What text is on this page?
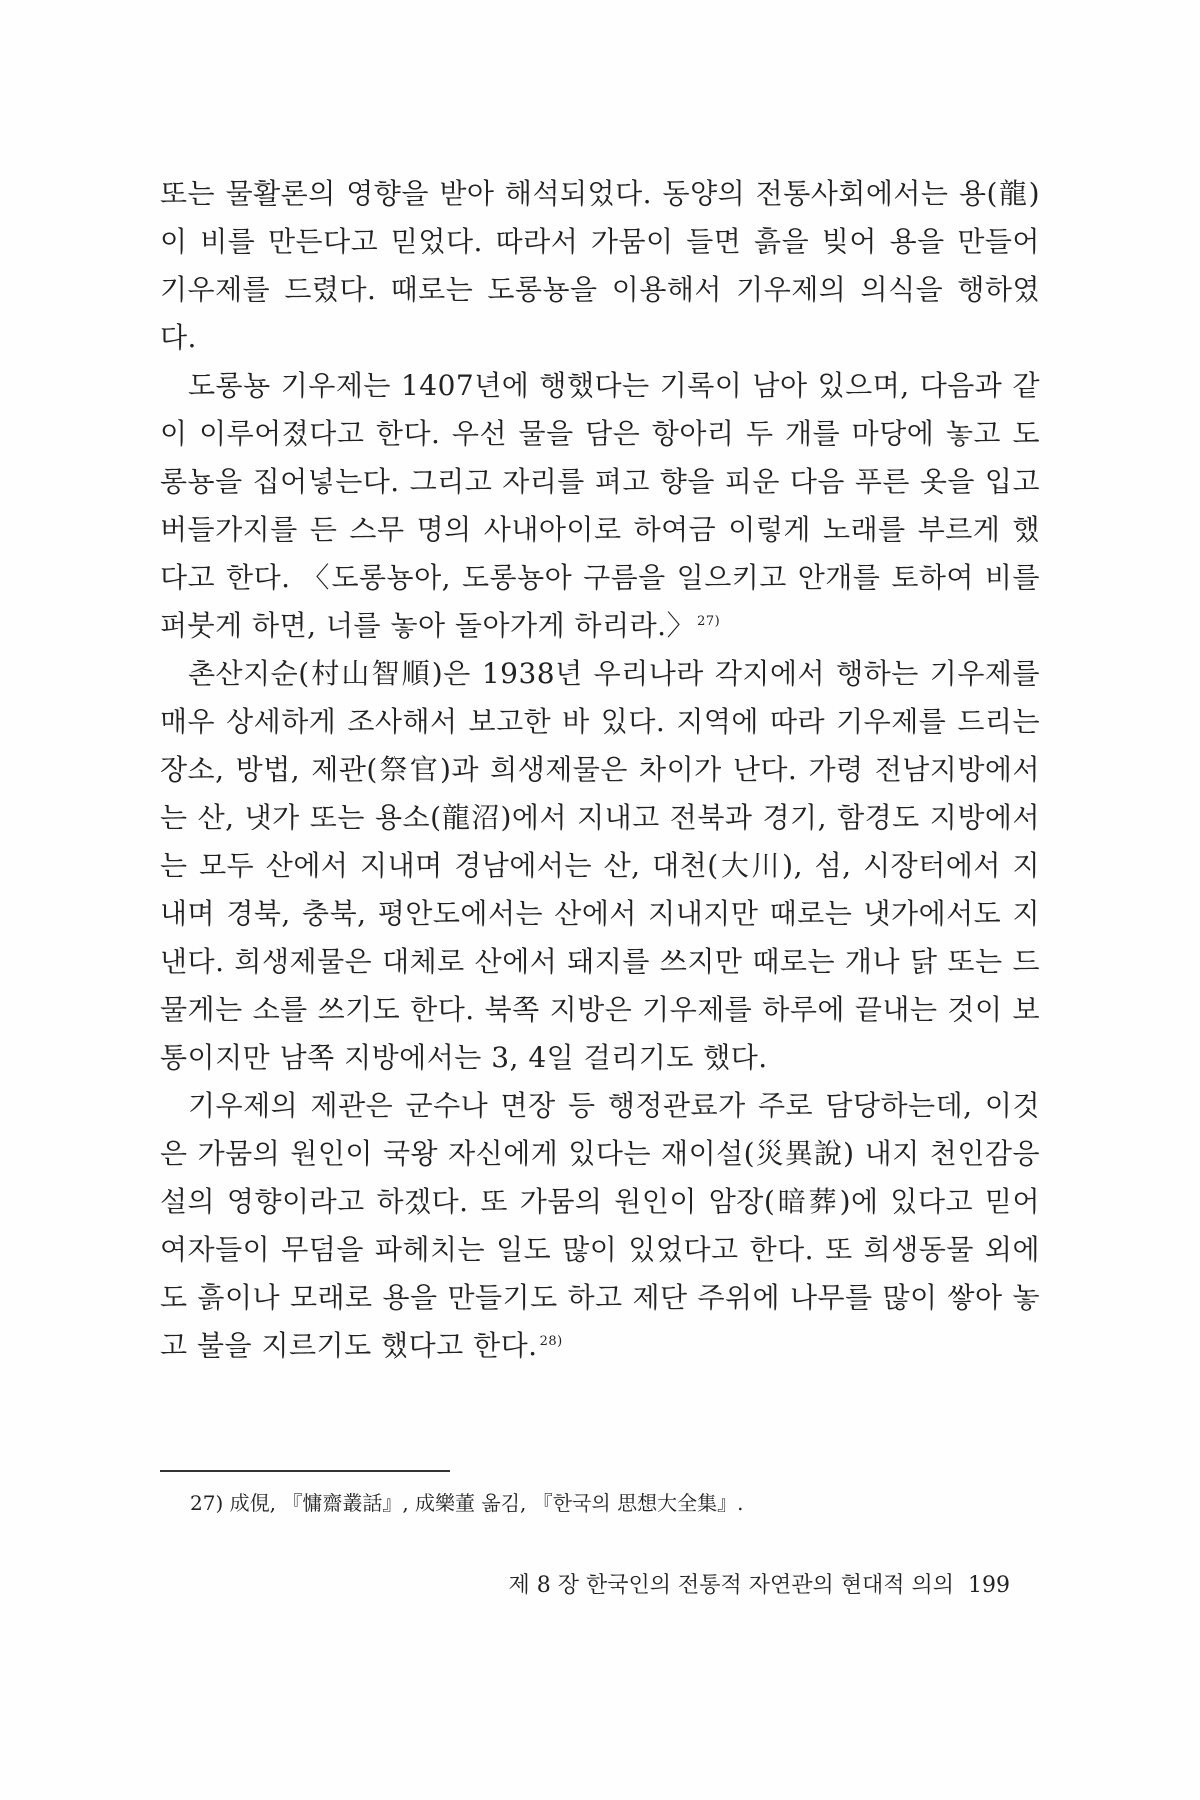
또는 물활론의 영향을 받아 해석되었다. 동양의 전통사회에서는 용(龍)이 비를 만든다고 믿었다. 따라서 가뭄이 들면 흙을 빚어 용을 만들어 기우제를 드렸다. 때로는 도롱뇽을 이용해서 기우제의 의식을 행하였다.

도롱뇽 기우제는 1407년에 행했다는 기록이 남아 있으며, 다음과 같이 이루어졌다고 한다. 우선 물을 담은 항아리 두 개를 마당에 놓고 도롱뇽을 집어넣는다. 그리고 자리를 펴고 향을 피운 다음 푸른 옷을 입고 버들가지를 든 스무 명의 사내아이로 하여금 이렇게 노래를 부르게 했다고 한다. 〈도롱뇽아, 도롱뇽아 구름을 일으키고 안개를 토하여 비를 퍼붓게 하면, 너를 놓아 돌아가게 하리라.〉 $^{27)}$

촌산지순(村山智順)은 1938년 우리나라 각지에서 행하는 기우제를 매우 상세하게 조사해서 보고한 바 있다. 지역에 따라 기우제를 드리는 장소, 방법, 제관(祭官)과 희생제물은 차이가 난다. 가령 전남지방에서는 산, 냇가 또는 용소(龍沼)에서 지내고 전북과 경기, 함경도 지방에서는 모두 산에서 지내며 경남에서는 산, 대천(大川), 섬, 시장터에서 지내며 경북, 충북, 평안도에서는 산에서 지내지만 때로는 냇가에서도 지낸다. 희생제물은 대체로 산에서 돼지를 쓰지만 때로는 개나 닭 또는 드물게는 소를 쓰기도 한다. 북쪽 지방은 기우제를 하루에 끝내는 것이 보통이지만 남쪽 지방에서는 3, 4일 걸리기도 했다.

기우제의 제관은 군수나 면장 등 행정관료가 주로 담당하는데, 이것은 가뭄의 원인이 국왕 자신에게 있다는 재이설(災異說) 내지 천인감응설의 영향이라고 하겠다. 또 가뭄의 원인이 암장(暗葬)에 있다고 믿어 여자들이 무덤을 파헤치는 일도 많이 있었다고 한다. 또 희생동물 외에도 흙이나 모래로 용을 만들기도 하고 제단 주위에 나무를 많이 쌓아 놓고 불을 지르기도 했다고 한다. $^{28)}$

27) 成俔, 『慵齋叢話』, 成樂董 옮김, 『한국의 思想大全集』.
제 8 장 한국인의 전통적 자연관의 현대적 의의 199
